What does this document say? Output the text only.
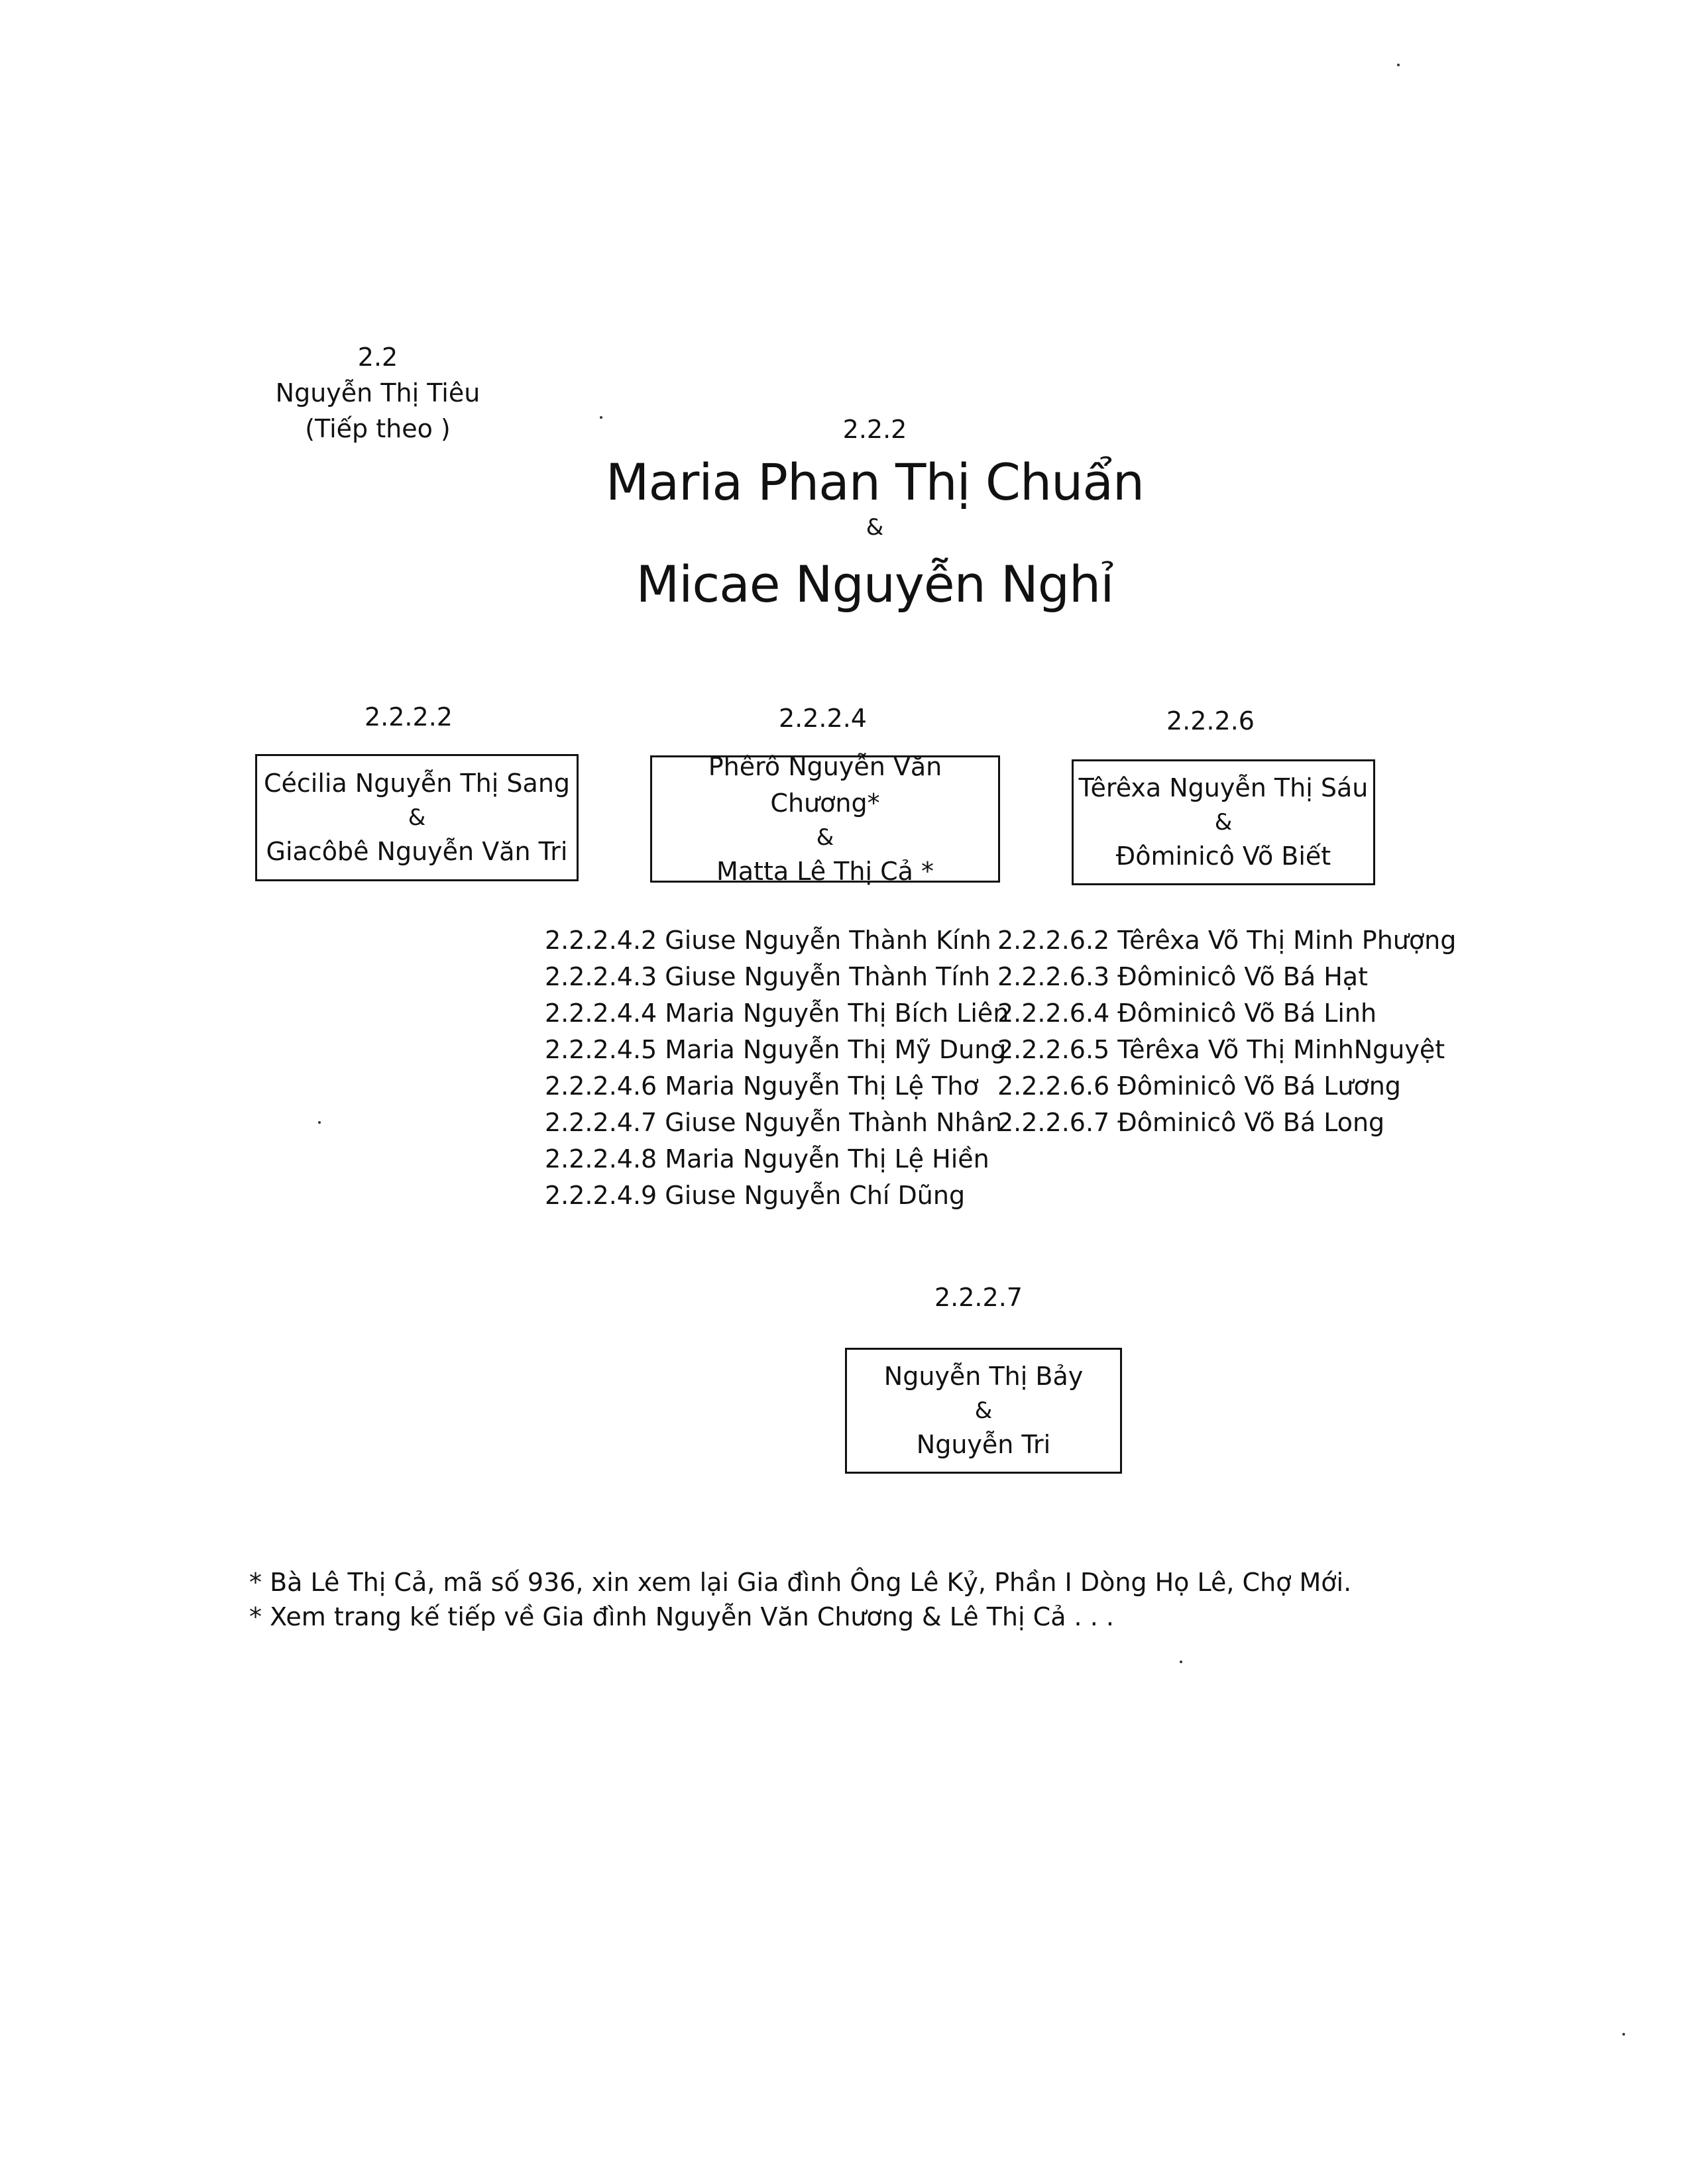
2.2
Nguyễn Thị Tiêu
(Tiếp theo )	2.2.2
Maria Phan Thị Chuẩn
&
Micae Nguyễn Nghỉ
2.2.2.2
Cécilia Nguyễn Thị Sang
&
Giacôbê Nguyễn Văn Tri
2.2.2.4
Phêrô Nguyễn Văn Chương*
&
Matta Lê Thị Cả *
2.2.2.6
Têrêxa Nguyễn Thị Sáu
&
Đôminicô Võ Biết
2.2.2.4.2 Giuse Nguyễn Thành Kính
2.2.2.4.3 Giuse Nguyễn Thành Tính
2.2.2.4.4 Maria Nguyễn Thị Bích Liên
2.2.2.4.5 Maria Nguyễn Thị Mỹ Dung
2.2.2.4.6 Maria Nguyễn Thị Lệ Thơ
2.2.2.4.7 Giuse Nguyễn Thành Nhân
2.2.2.4.8 Maria Nguyễn Thị Lệ Hiền
2.2.2.4.9 Giuse Nguyễn Chí Dũng
2.2.2.6.2 Têrêxa Võ Thị Minh Phượng
2.2.2.6.3 Đôminicô Võ Bá Hạt
2.2.2.6.4 Đôminicô Võ Bá Linh
2.2.2.6.5 Têrêxa Võ Thị MinhNguyệt
2.2.2.6.6 Đôminicô Võ Bá Lương
2.2.2.6.7 Đôminicô Võ Bá Long
2.2.2.7
Nguyễn Thị Bảy
&
Nguyễn Tri
* Bà Lê Thị Cả, mã số 936, xin xem lại Gia đình Ông Lê Kỷ, Phần I Dòng Họ Lê, Chợ Mới.
* Xem trang kế tiếp về Gia đình Nguyễn Văn Chương & Lê Thị Cả . . .
